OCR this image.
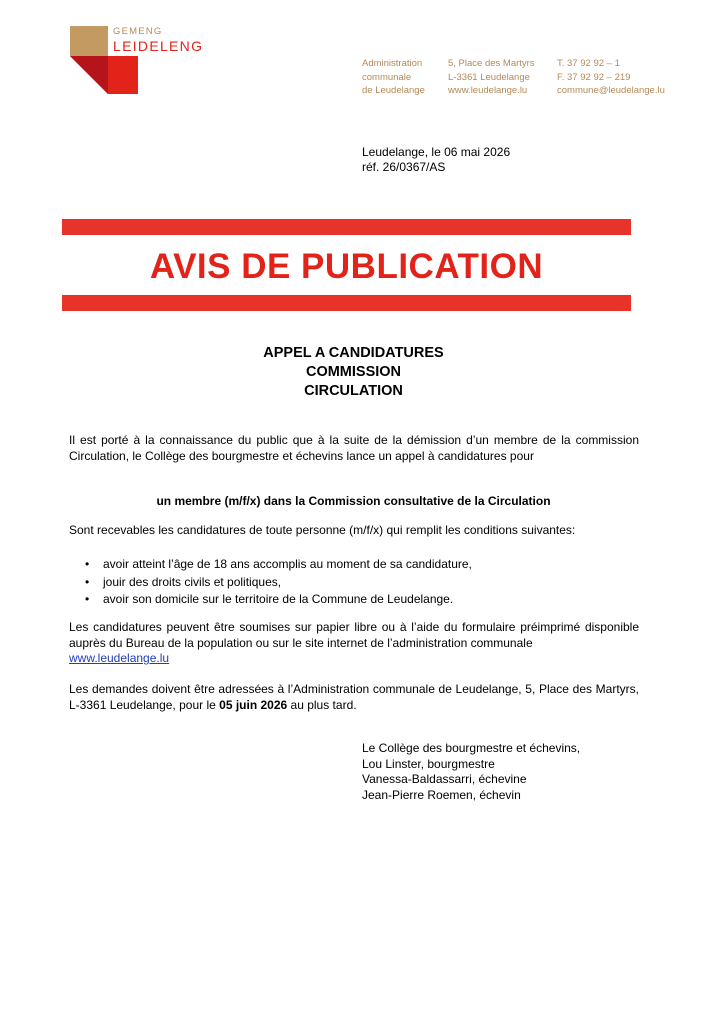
GEMENG
LEIDELENG
Administration
communale
de Leudelange
5, Place des Martyrs
L-3361 Leudelange
www.leudelange.lu
T. 37 92 92 – 1
F. 37 92 92 – 219
commune@leudelange.lu
Leudelange, le 06 mai 2026
réf. 26/0367/AS
AVIS DE PUBLICATION
APPEL A CANDIDATURES
COMMISSION
CIRCULATION
Il est porté à la connaissance du public que à la suite de la démission d’un membre de la commission Circulation, le Collège des bourgmestre et échevins lance un appel à candidatures pour
un membre (m/f/x) dans la Commission consultative de la Circulation
Sont recevables les candidatures de toute personne (m/f/x) qui remplit les conditions suivantes:
• avoir atteint l’âge de 18 ans accomplis au moment de sa candidature,
• jouir des droits civils et politiques,
• avoir son domicile sur le territoire de la Commune de Leudelange.
Les candidatures peuvent être soumises sur papier libre ou à l’aide du formulaire préimprimé disponible auprès du Bureau de la population ou sur le site internet de l’administration communale
www.leudelange.lu
Les demandes doivent être adressées à l’Administration communale de Leudelange, 5, Place des Martyrs, L-3361 Leudelange, pour le 05 juin 2026 au plus tard.
Le Collège des bourgmestre et échevins,
Lou Linster, bourgmestre
Vanessa-Baldassarri, échevine
Jean-Pierre Roemen, échevin
